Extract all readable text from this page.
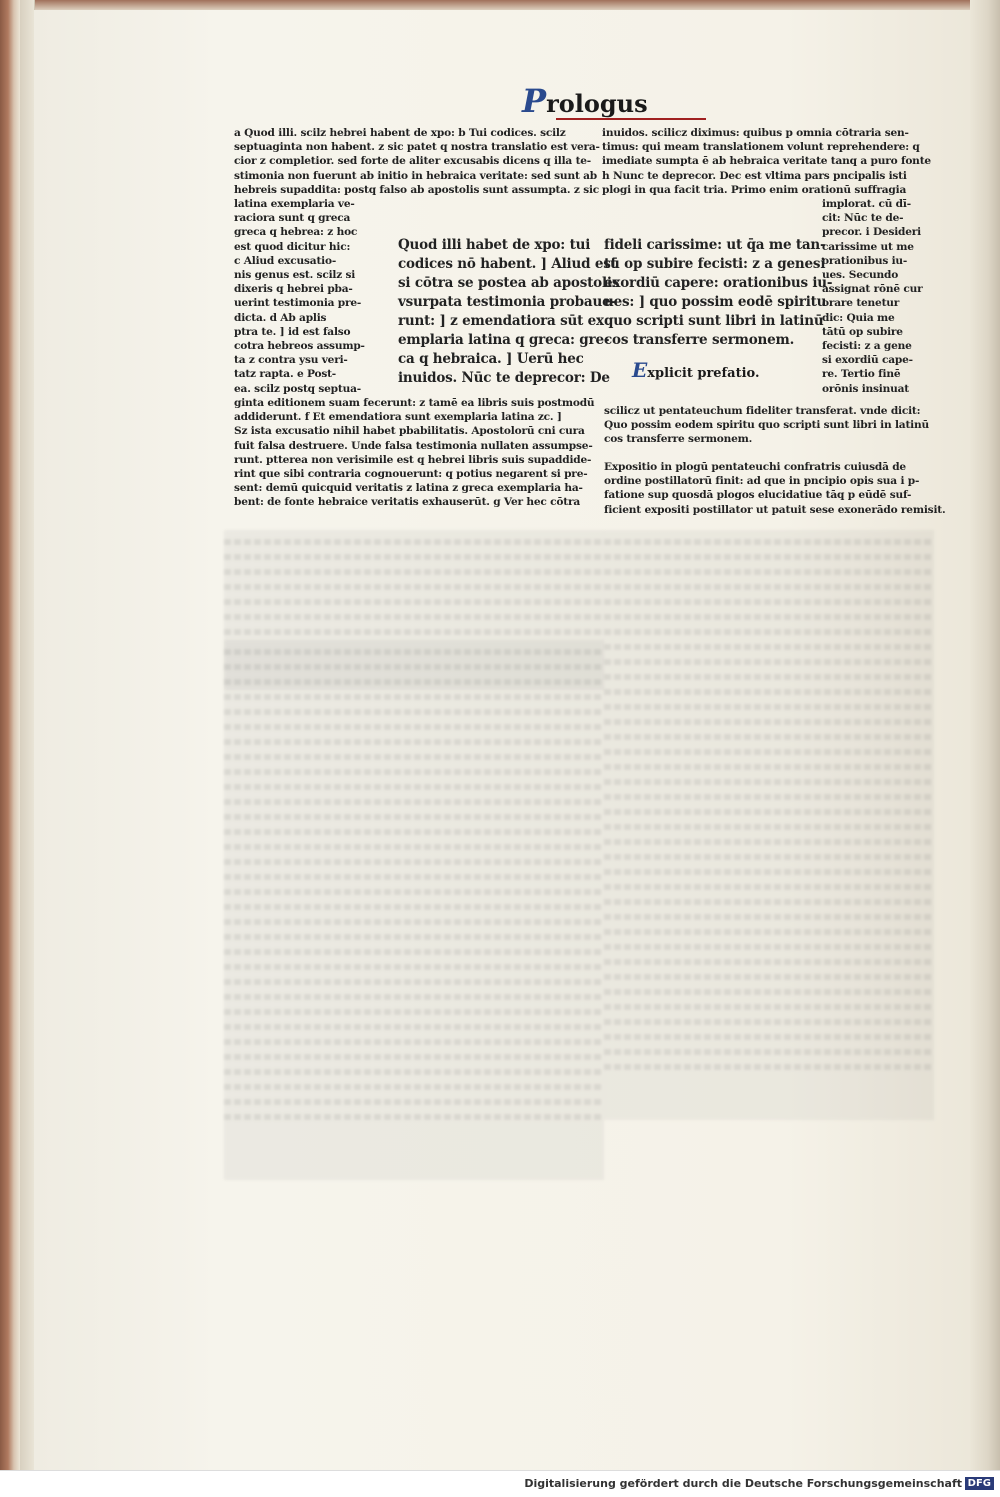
Prologus

a Quod illi. scilz hebrei habent de xpo: b Tui codices. scilz

septuaginta non habent. z sic patet q nostra translatio est vera-

cior z completior. sed forte de aliter excusabis dicens q illa te-

stimonia non fuerunt ab initio in hebraica veritate: sed sunt ab

hebreis supaddita: postq falso ab apostolis sunt assumpta. z sic

latina exemplaria ve-

raciora sunt q greca

greca q hebrea: z hoc

est quod dicitur hic:

c Aliud excusatio-

nis genus est. scilz si

dixeris q hebrei pba-

uerint testimonia pre-

dicta. d Ab aplis

ptra te. ] id est falso

cotra hebreos assump-

ta z contra ysu veri-

tatz rapta. e Post-

ea. scilz postq septua-

ginta editionem suam fecerunt: z tamē ea libris suis postmodū

addiderunt. f Et emendatiora sunt exemplaria latina zc. ]

Sz ista excusatio nihil habet pbabilitatis. Apostolorū cni cura

fuit falsa destruere. Unde falsa testimonia nullaten assumpse-

runt. ptterea non verisimile est q hebrei libris suis supaddide-

rint que sibi contraria cognouerunt: q potius negarent si pre-

sent: demū quicquid veritatis z latina z greca exemplaria ha-

bent: de fonte hebraice veritatis exhauserūt. g Ver hec cōtra

Quod illi habet de xpo: tui

codices nō habent. ] Aliud est

si cōtra se postea ab apostolis

vsurpata testimonia probaue-

runt: ] z emendatiora sūt ex

emplaria latina q greca: gre-

ca q hebraica. ] Uerū hec

inuidos. Nūc te deprecor: De

inuidos. scilicz diximus: quibus p omnia cōtraria sen-

timus: qui meam translationem volunt reprehendere: q

imediate sumpta ē ab hebraica veritate tanq a puro fonte

h Nunc te deprecor. Dec est vltima pars pncipalis isti

plogi in qua facit tria. Primo enim orationū suffragia

fideli carissime: ut q̄a me tan-

tū op subire fecisti: z a genesi

exordiū capere: orationibus iu-

ues: ] quo possim eodē spiritu

quo scripti sunt libri in latinū

cos transferre sermonem.

Explicit prefatio.

implorat. cū dī-

cit: Nūc te de-

precor. i Desideri

carissime ut me

orationibus iu-

ues. Secundo

assignat rōnē cur

orare tenetur

dic: Quia me

tātū op subire

fecisti: z a gene

si exordiū cape-

re. Tertio finē

orōnis insinuat

scilicz ut pentateuchum fideliter transferat. vnde dicit:

Quo possim eodem spiritu quo scripti sunt libri in latinū

cos transferre sermonem.

Expositio in plogū pentateuchi confratris cuiusdā de

ordine postillatorū finit: ad que in pncipio opis sua i p-

fatione sup quosdā plogos elucidatiue tāq p eūdē suf-

ficient expositi postillator ut patuit sese exonerādo remisit.

Digitalisierung gefördert durch die Deutsche Forschungsgemeinschaft DFG
